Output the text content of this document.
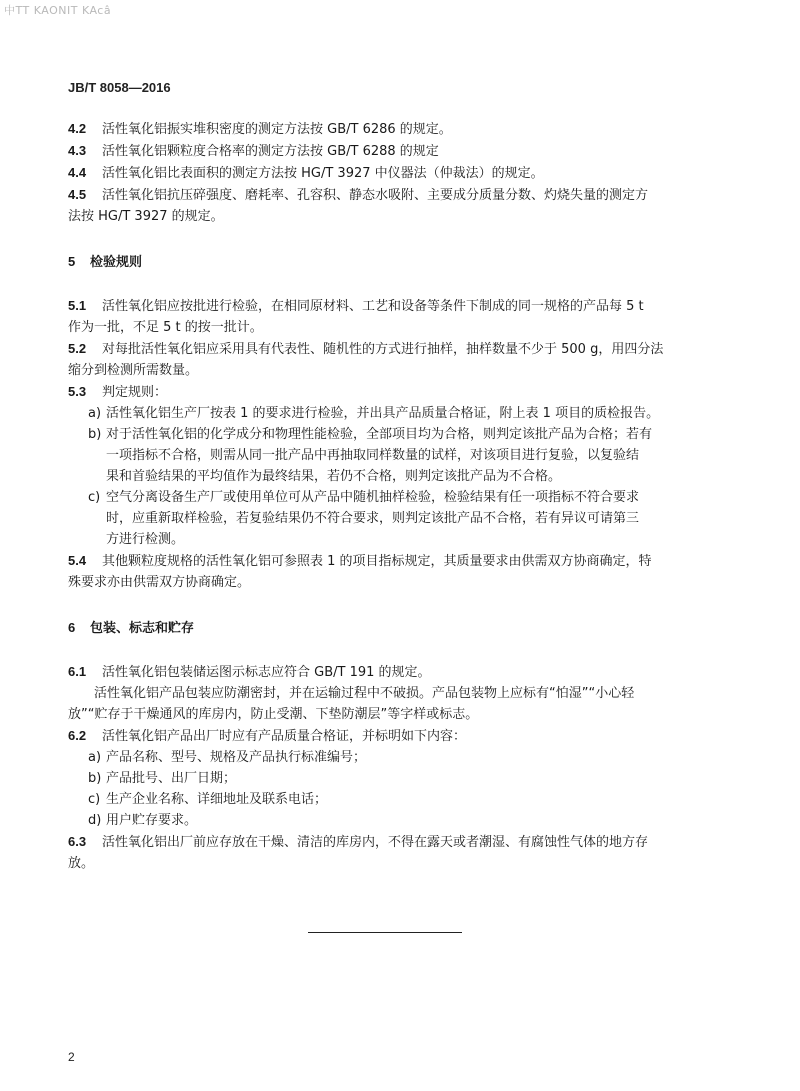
中TT KAONIT KAcâ
JB/T 8058—2016

4.2 活性氧化铝振实堆积密度的测定方法按 GB/T 6286 的规定。

4.3 活性氧化铝颗粒度合格率的测定方法按 GB/T 6288 的规定

4.4 活性氧化铝比表面积的测定方法按 HG/T 3927 中仪器法（仲裁法）的规定。

4.5 活性氧化铝抗压碎强度、磨耗率、孔容积、静态水吸附、主要成分质量分数、灼烧失量的测定方

法按 HG/T 3927 的规定。

5 检验规则

5.1 活性氧化铝应按批进行检验，在相同原材料、工艺和设备等条件下制成的同一规格的产品每 5 t

作为一批，不足 5 t 的按一批计。

5.2 对每批活性氧化铝应采用具有代表性、随机性的方式进行抽样，抽样数量不少于 500 g，用四分法

缩分到检测所需数量。

5.3 判定规则：

a) 活性氧化铝生产厂按表 1 的要求进行检验，并出具产品质量合格证，附上表 1 项目的质检报告。

b) 对于活性氧化铝的化学成分和物理性能检验，全部项目均为合格，则判定该批产品为合格；若有

一项指标不合格，则需从同一批产品中再抽取同样数量的试样，对该项目进行复验，以复验结

果和首验结果的平均值作为最终结果，若仍不合格，则判定该批产品为不合格。

c) 空气分离设备生产厂或使用单位可从产品中随机抽样检验，检验结果有任一项指标不符合要求

时，应重新取样检验，若复验结果仍不符合要求，则判定该批产品不合格，若有异议可请第三

方进行检测。

5.4 其他颗粒度规格的活性氧化铝可参照表 1 的项目指标规定，其质量要求由供需双方协商确定，特

殊要求亦由供需双方协商确定。

6 包装、标志和贮存

6.1 活性氧化铝包装储运图示标志应符合 GB/T 191 的规定。

活性氧化铝产品包装应防潮密封，并在运输过程中不破损。产品包装物上应标有“怕湿”“小心轻

放”“贮存于干燥通风的库房内，防止受潮、下垫防潮层”等字样或标志。

6.2 活性氧化铝产品出厂时应有产品质量合格证，并标明如下内容：

a) 产品名称、型号、规格及产品执行标准编号；

b) 产品批号、出厂日期；

c) 生产企业名称、详细地址及联系电话；

d) 用户贮存要求。

6.3 活性氧化铝出厂前应存放在干燥、清洁的库房内，不得在露天或者潮湿、有腐蚀性气体的地方存

放。

2
